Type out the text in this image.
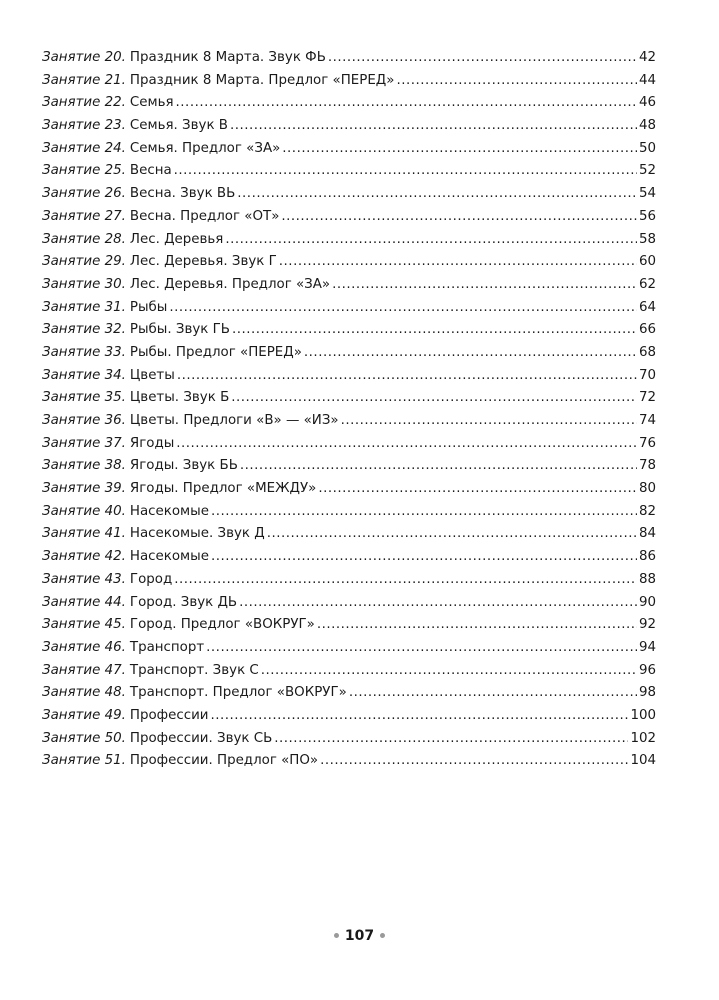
Занятие 20. Праздник 8 Марта. Звук ФЬ .....	42
Занятие 21. Праздник 8 Марта. Предлог «ПЕРЕД» .....	44
Занятие 22. Семья .....	46
Занятие 23. Семья. Звук В .....	48
Занятие 24. Семья. Предлог «ЗА» .....	50
Занятие 25. Весна .....	52
Занятие 26. Весна. Звук ВЬ .....	54
Занятие 27. Весна. Предлог «ОТ» .....	56
Занятие 28. Лес. Деревья .....	58
Занятие 29. Лес. Деревья. Звук Г .....	60
Занятие 30. Лес. Деревья. Предлог «ЗА» .....	62
Занятие 31. Рыбы .....	64
Занятие 32. Рыбы. Звук ГЬ .....	66
Занятие 33. Рыбы. Предлог «ПЕРЕД» .....	68
Занятие 34. Цветы .....	70
Занятие 35. Цветы. Звук Б .....	72
Занятие 36. Цветы. Предлоги «В» — «ИЗ» .....	74
Занятие 37. Ягоды .....	76
Занятие 38. Ягоды. Звук БЬ .....	78
Занятие 39. Ягоды. Предлог «МЕЖДУ» .....	80
Занятие 40. Насекомые .....	82
Занятие 41. Насекомые. Звук Д .....	84
Занятие 42. Насекомые .....	86
Занятие 43. Город .....	88
Занятие 44. Город. Звук ДЬ .....	90
Занятие 45. Город. Предлог «ВОКРУГ» .....	92
Занятие 46. Транспорт .....	94
Занятие 47. Транспорт. Звук С .....	96
Занятие 48. Транспорт. Предлог «ВОКРУГ» .....	98
Занятие 49. Профессии .....	100
Занятие 50. Профессии. Звук СЬ .....	102
Занятие 51. Профессии. Предлог «ПО» .....	104
107
